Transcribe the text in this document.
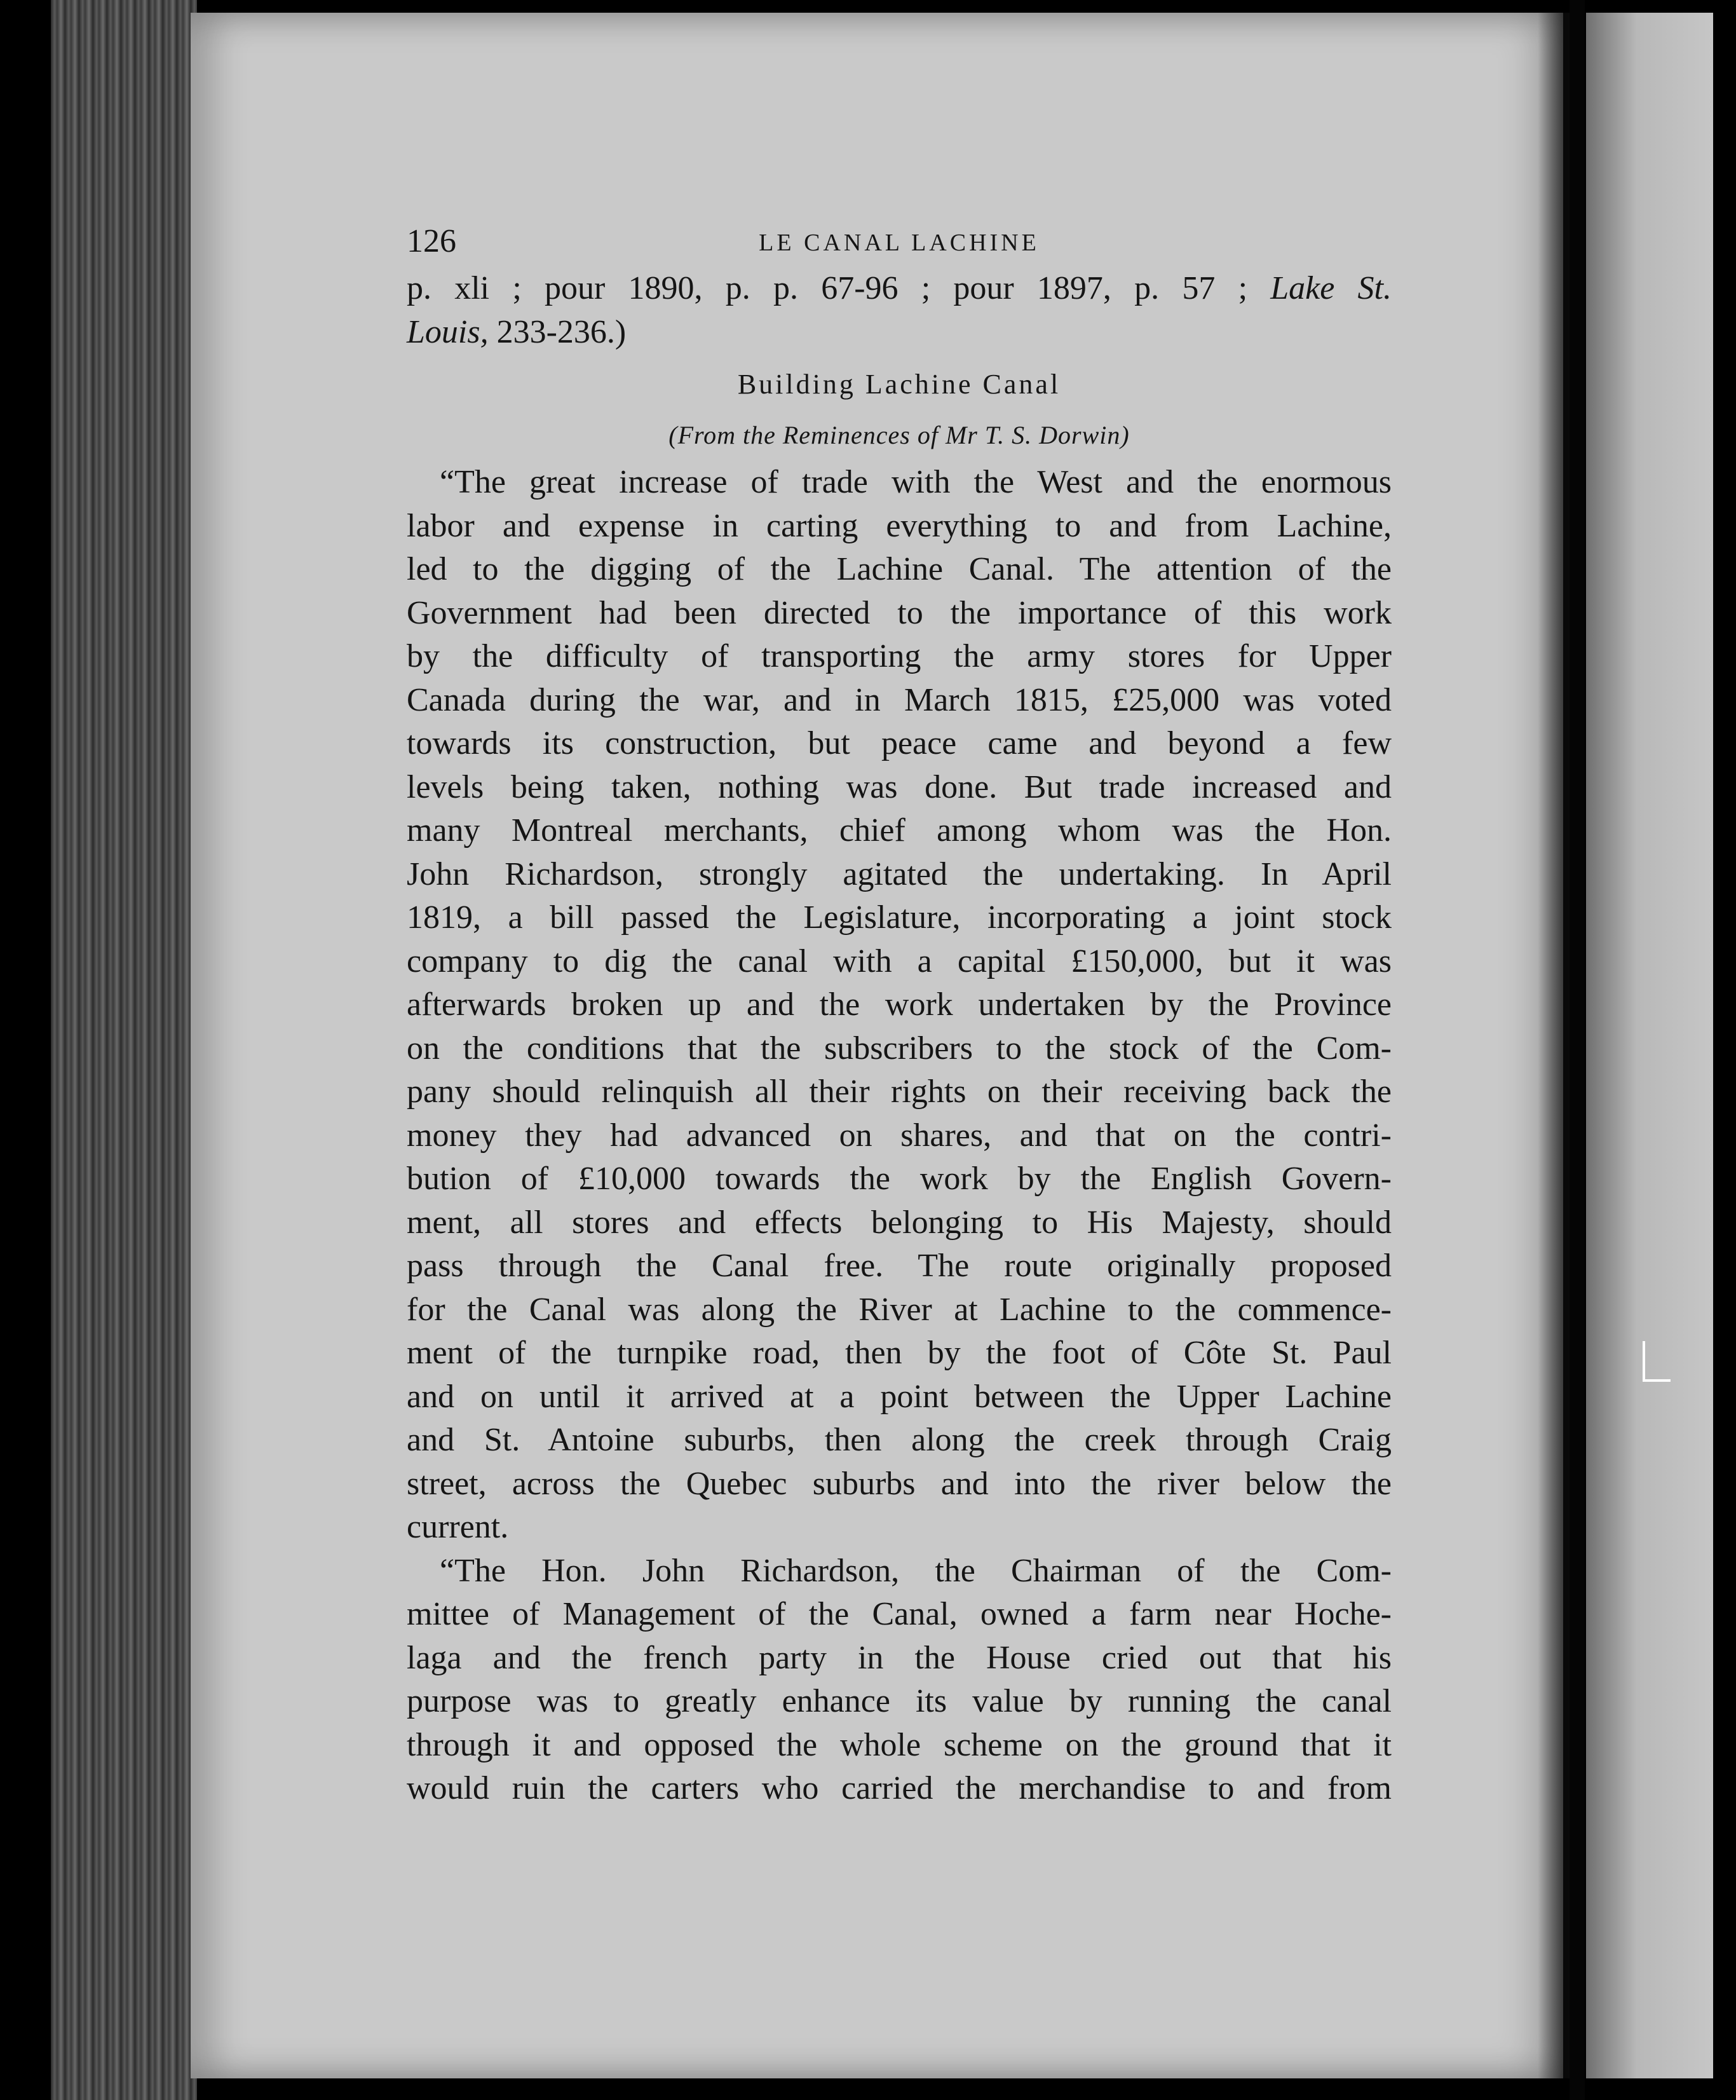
126	LE CANAL LACHINE
p. xli ; pour 1890, p. p. 67-96 ; pour 1897, p. 57 ; Lake St.
Louis, 233-236.)
Building Lachine Canal
(From the Reminences of Mr T. S. Dorwin)
“The great increase of trade with the West and the enormous
labor and expense in carting everything to and from Lachine,
led to the digging of the Lachine Canal. The attention of the
Government had been directed to the importance of this work
by the difficulty of transporting the army stores for Upper
Canada during the war, and in March 1815, £25,000 was voted
towards its construction, but peace came and beyond a few
levels being taken, nothing was done. But trade increased and
many Montreal merchants, chief among whom was the Hon.
John Richardson, strongly agitated the undertaking. In April
1819, a bill passed the Legislature, incorporating a joint stock
company to dig the canal with a capital £150,000, but it was
afterwards broken up and the work undertaken by the Province
on the conditions that the subscribers to the stock of the Com-
pany should relinquish all their rights on their receiving back the
money they had advanced on shares, and that on the contri-
bution of £10,000 towards the work by the English Govern-
ment, all stores and effects belonging to His Majesty, should
pass through the Canal free. The route originally proposed
for the Canal was along the River at Lachine to the commence-
ment of the turnpike road, then by the foot of Côte St. Paul
and on until it arrived at a point between the Upper Lachine
and St. Antoine suburbs, then along the creek through Craig
street, across the Quebec suburbs and into the river below the
current.
“The Hon. John Richardson, the Chairman of the Com-
mittee of Management of the Canal, owned a farm near Hoche-
laga and the french party in the House cried out that his
purpose was to greatly enhance its value by running the canal
through it and opposed the whole scheme on the ground that it
would ruin the carters who carried the merchandise to and from
